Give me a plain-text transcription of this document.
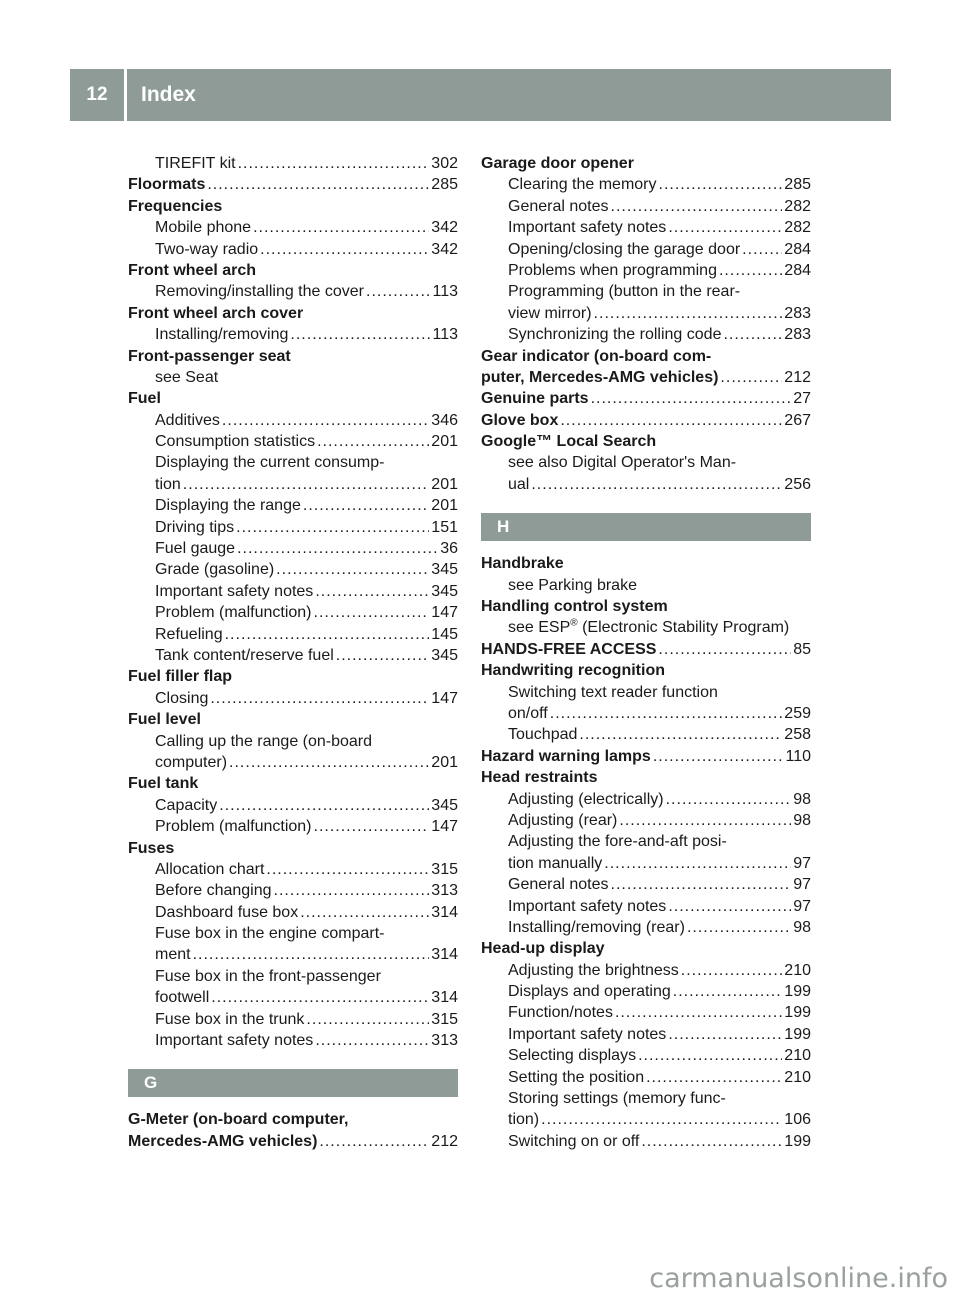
12	Index
TIREFIT kit .....	302
Floormats .....	285
Frequencies
Mobile phone .....	342
Two-way radio .....	342
Front wheel arch
Removing/installing the cover .....	113
Front wheel arch cover
Installing/removing .....	113
Front-passenger seat
see Seat
Fuel
Additives .....	346
Consumption statistics .....	201
Displaying the current consump-
tion .....	201
Displaying the range .....	201
Driving tips .....	151
Fuel gauge .....	36
Grade (gasoline) .....	345
Important safety notes .....	345
Problem (malfunction) .....	147
Refueling .....	145
Tank content/reserve fuel .....	345
Fuel filler flap
Closing .....	147
Fuel level
Calling up the range (on-board
computer) .....	201
Fuel tank
Capacity .....	345
Problem (malfunction) .....	147
Fuses
Allocation chart .....	315
Before changing .....	313
Dashboard fuse box .....	314
Fuse box in the engine compart-
ment .....	314
Fuse box in the front-passenger
footwell .....	314
Fuse box in the trunk .....	315
Important safety notes .....	313
G
G-Meter (on-board computer,
Mercedes-AMG vehicles) .....	212
Garage door opener
Clearing the memory .....	285
General notes .....	282
Important safety notes .....	282
Opening/closing the garage door .....	284
Problems when programming .....	284
Programming (button in the rear-
view mirror) .....	283
Synchronizing the rolling code .....	283
Gear indicator (on-board com-
puter, Mercedes-AMG vehicles) .....	212
Genuine parts .....	27
Glove box .....	267
Google™ Local Search
see also Digital Operator's Man-
ual .....	256
H
Handbrake
see Parking brake
Handling control system
see ESP® (Electronic Stability Program)
HANDS-FREE ACCESS .....	85
Handwriting recognition
Switching text reader function
on/off .....	259
Touchpad .....	258
Hazard warning lamps .....	110
Head restraints
Adjusting (electrically) .....	98
Adjusting (rear) .....	98
Adjusting the fore-and-aft posi-
tion manually .....	97
General notes .....	97
Important safety notes .....	97
Installing/removing (rear) .....	98
Head-up display
Adjusting the brightness .....	210
Displays and operating .....	199
Function/notes .....	199
Important safety notes .....	199
Selecting displays .....	210
Setting the position .....	210
Storing settings (memory func-
tion) .....	106
Switching on or off .....	199
carmanualsonline.info
